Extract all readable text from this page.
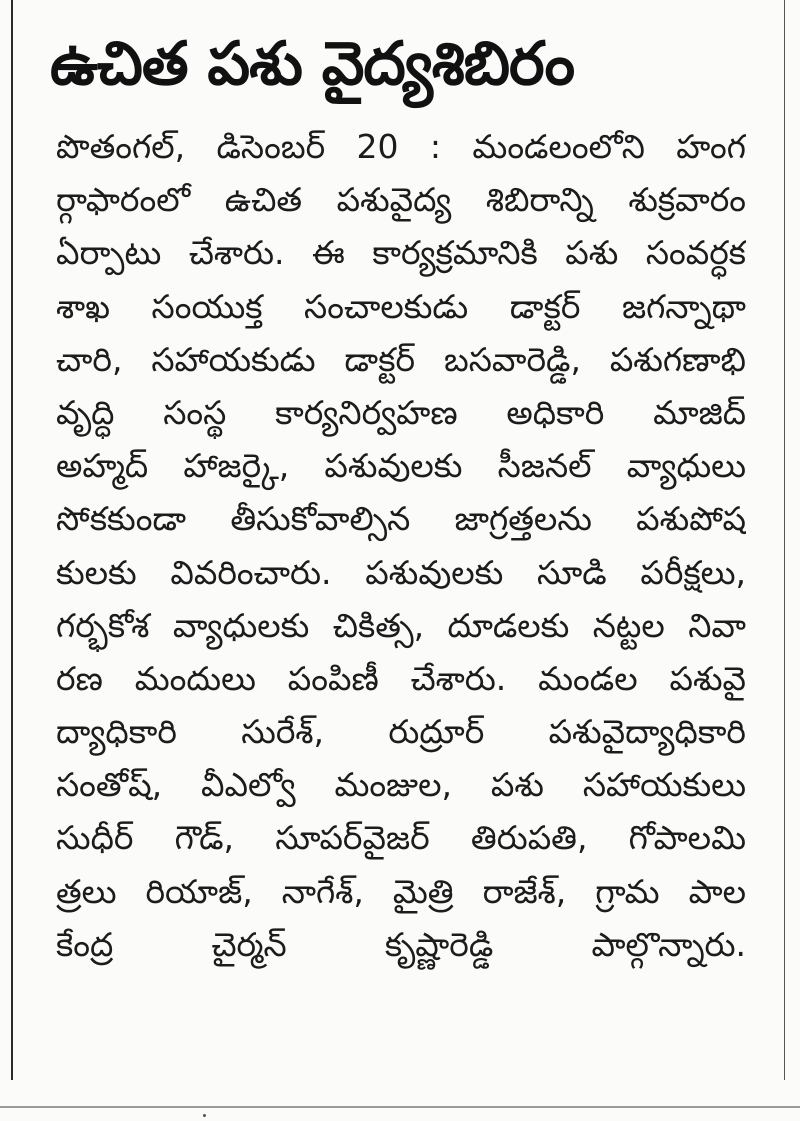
ఉచిత పశు వైద్యశిబిరం
పొతంగల్, డిసెంబర్ 20 : మండలంలోని హంగ
ర్గాఫారంలో ఉచిత పశువైద్య శిబిరాన్ని శుక్రవారం
ఏర్పాటు చేశారు. ఈ కార్యక్రమానికి పశు సంవర్ధక
శాఖ సంయుక్త సంచాలకుడు డాక్టర్ జగన్నాథా
చారి, సహాయకుడు డాక్టర్ బసవారెడ్డి, పశుగణాభి
వృద్ధి సంస్థ కార్యనిర్వహణ అధికారి మాజిద్
అహ్మద్ హాజర్కై, పశువులకు సీజనల్ వ్యాధులు
సోకకుండా తీసుకోవాల్సిన జాగ్రత్తలను పశుపోష
కులకు వివరించారు. పశువులకు సూడి పరీక్షలు,
గర్భకోశ వ్యాధులకు చికిత్స, దూడలకు నట్టల నివా
రణ మందులు పంపిణీ చేశారు. మండల పశువై
ద్యాధికారి సురేశ్, రుద్రూర్ పశువైద్యాధికారి
సంతోష్, వీఎల్వో మంజుల, పశు సహాయకులు
సుధీర్ గౌడ్, సూపర్‌వైజర్ తిరుపతి, గోపాలమి
త్రలు రియాజ్, నాగేశ్, మైత్రి రాజేశ్, గ్రామ పాల
కేంద్ర చైర్మన్ కృష్ణారెడ్డి పాల్గొన్నారు.
